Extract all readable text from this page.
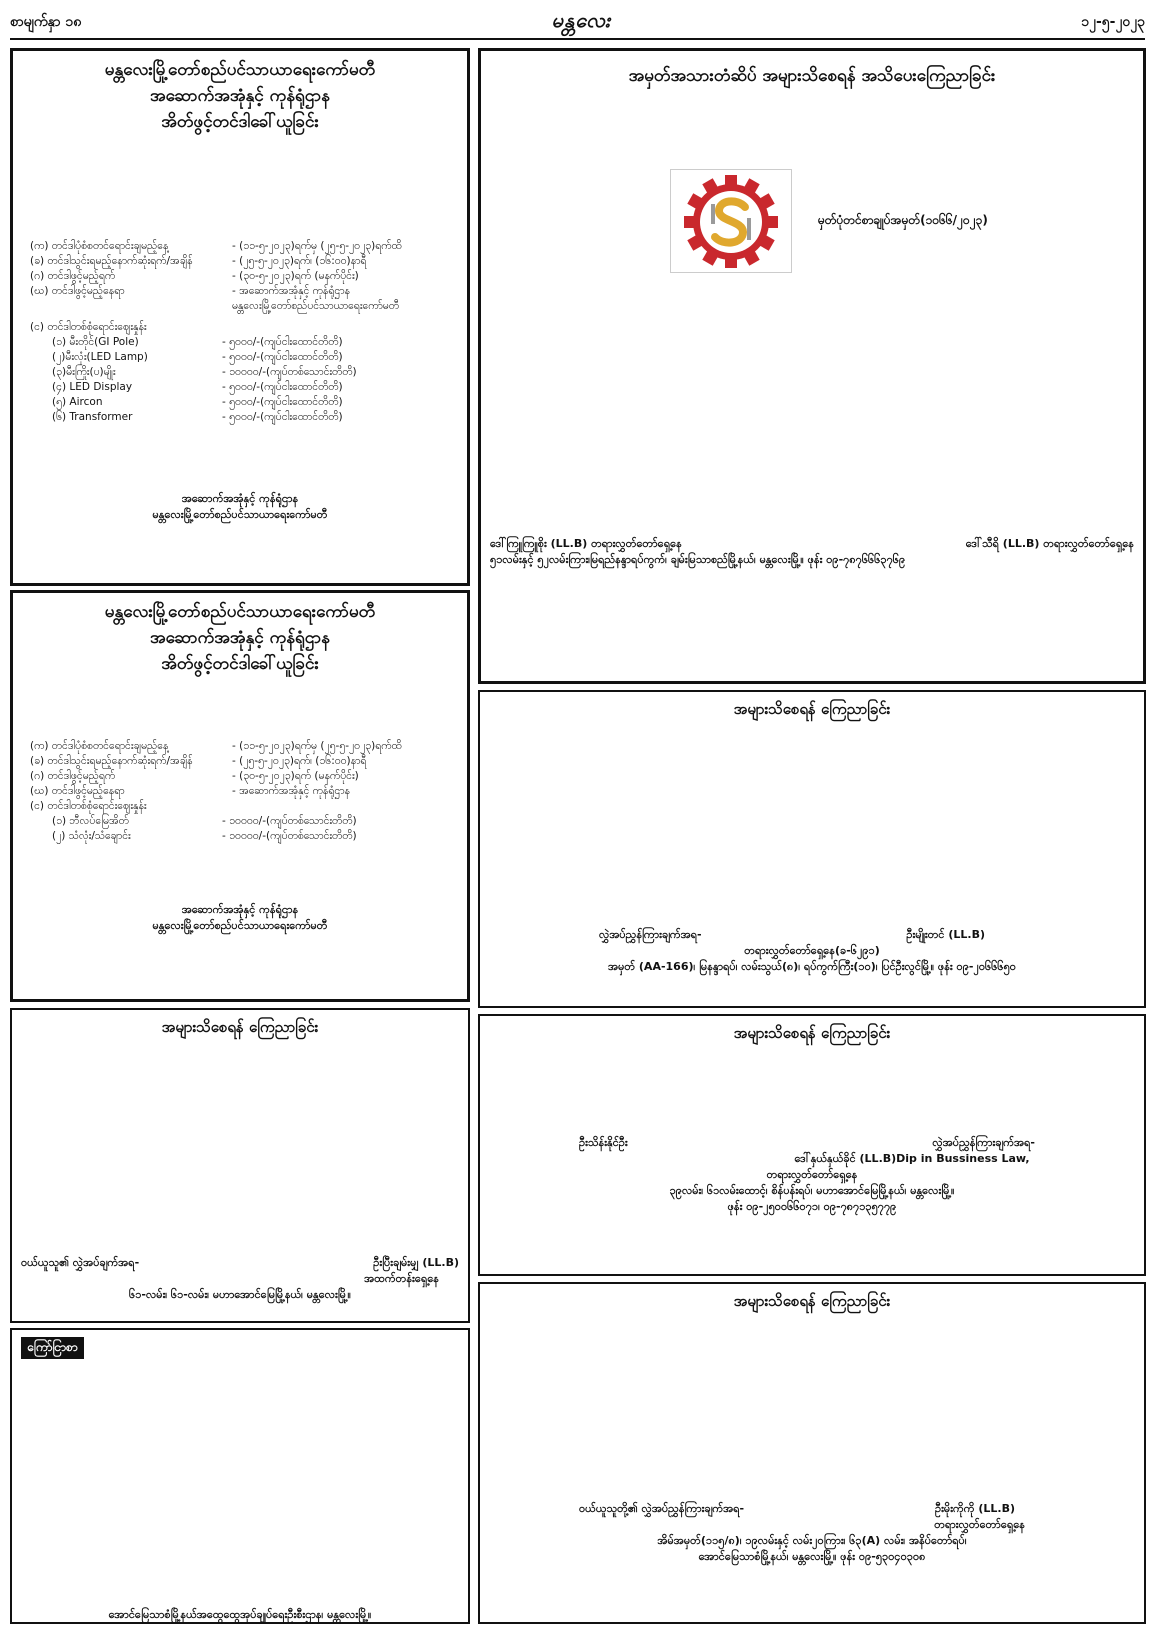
စာမျက်နှာ ၁၈	မန္တလေး	၁၂-၅-၂၀၂၃
မန္တလေးမြို့တော်စည်ပင်သာယာရေးကော်မတီ
အဆောက်အအုံနှင့် ကုန်ရုံဌာန
အိတ်ဖွင့်တင်ဒါခေါ်ယူခြင်း
(က) တင်ဒါပုံစံစတင်ရောင်းချမည့်နေ့	- (၁၁-၅-၂၀၂၃)ရက်မှ (၂၅-၅-၂၀၂၃)ရက်ထိ
(ခ) တင်ဒါသွင်းရမည့်နောက်ဆုံးရက်/အချိန်	- (၂၅-၅-၂၀၂၃)ရက်၊ (၁၆:၀၀)နာရီ
(ဂ) တင်ဒါဖွင့်မည့်ရက်	- (၃၀-၅-၂၀၂၃)ရက် (မနက်ပိုင်း)
(ဃ) တင်ဒါဖွင့်မည့်နေရာ	- အဆောက်အအုံနှင့် ကုန်ရုံဌာန
မန္တလေးမြို့တော်စည်ပင်သာယာရေးကော်မတီ
(င) တင်ဒါတစ်စုံရောင်းဈေးနှုန်း
(၁) မီးတိုင်(GI Pole)	- ၅၀၀၀/-(ကျပ်ငါးထောင်တိတိ)
(၂)မီးလုံး(LED Lamp)	- ၅၀၀၀/-(ကျပ်ငါးထောင်တိတိ)
(၃)မီးကြိုး(ပ)မျိုး	- ၁၀၀၀၀/-(ကျပ်တစ်သောင်းတိတိ)
(၄) LED Display	- ၅၀၀၀/-(ကျပ်ငါးထောင်တိတိ)
(၅) Aircon	- ၅၀၀၀/-(ကျပ်ငါးထောင်တိတိ)
(၆) Transformer	- ၅၀၀၀/-(ကျပ်ငါးထောင်တိတိ)
အဆောက်အအုံနှင့် ကုန်ရုံဌာန
မန္တလေးမြို့တော်စည်ပင်သာယာရေးကော်မတီ
မန္တလေးမြို့တော်စည်ပင်သာယာရေးကော်မတီ
အဆောက်အအုံနှင့် ကုန်ရုံဌာန
အိတ်ဖွင့်တင်ဒါခေါ်ယူခြင်း
(က) တင်ဒါပုံစံစတင်ရောင်းချမည့်နေ့	- (၁၁-၅-၂၀၂၃)ရက်မှ (၂၅-၅-၂၀၂၃)ရက်ထိ
(ခ) တင်ဒါသွင်းရမည့်နောက်ဆုံးရက်/အချိန်	- (၂၅-၅-၂၀၂၃)ရက်၊ (၁၆:၀၀)နာရီ
(ဂ) တင်ဒါဖွင့်မည့်ရက်	- (၃၀-၅-၂၀၂၃)ရက် (မနက်ပိုင်း)
(ဃ) တင်ဒါဖွင့်မည့်နေရာ	- အဆောက်အအုံနှင့် ကုန်ရုံဌာန
(င) တင်ဒါတစ်စုံရောင်းဈေးနှုန်း
(၁) ဘီလပ်မြေအိတ်	- ၁၀၀၀၀/-(ကျပ်တစ်သောင်းတိတိ)
(၂) သံလုံး/သံချောင်း	- ၁၀၀၀၀/-(ကျပ်တစ်သောင်းတိတိ)
အဆောက်အအုံနှင့် ကုန်ရုံဌာန
မန္တလေးမြို့တော်စည်ပင်သာယာရေးကော်မတီ
အများသိစေရန် ကြေညာခြင်း
ဝယ်ယူသူ၏ လွှဲအပ်ချက်အရ-	ဦးပြီးချမ်းမျှ (LL.B)
အထက်တန်းရှေ့နေ
၆၁-လမ်း၊ ၆၁-လမ်း၊ မဟာအောင်မြေမြို့နယ်၊ မန္တလေးမြို့။
ကြော်ငြာစာ
အောင်မြေသာစံမြို့နယ်အထွေထွေအုပ်ချုပ်ရေးဦးစီးဌာန၊ မန္တလေးမြို့။
အမှတ်အသားတံဆိပ် အများသိစေရန် အသိပေးကြေညာခြင်း
မှတ်ပုံတင်စာချုပ်အမှတ်(၁၀၆၆/၂၀၂၃)
ဒေါ်ကြူကြူစိုး (LL.B) တရားလွှတ်တော်ရှေ့နေ	ဒေါ်သီရိ (LL.B) တရားလွှတ်တော်ရှေ့နေ
၅၁လမ်းနှင့် ၅၂လမ်းကြား၊မြရည်နန္ဒာရပ်ကွက်၊ ချမ်းမြသာစည်မြို့နယ်၊ မန္တလေးမြို့။ ဖုန်း ၀၉-၇၈၇၆၆၆၃၇၆၉
အများသိစေရန် ကြေညာခြင်း
လွှဲအပ်ညွှန်ကြားချက်အရ-	ဦးမျိုးတင် (LL.B)
တရားလွှတ်တော်ရှေ့နေ(ခ-၆၂၉၁)
အမှတ် (AA-166)၊ မြနန္ဒာရပ်၊ လမ်းသွယ်(၈)၊ ရပ်ကွက်ကြီး(၁၀)၊ ပြင်ဦးလွင်မြို့။ ဖုန်း ၀၉-၂၀၆၆၆၅၀
အများသိစေရန် ကြေညာခြင်း
ဦးသိန်းနိုင်ဦး	လွှဲအပ်ညွှန်ကြားချက်အရ-
ဒေါ်နှယ်နှယ်ခိုင် (LL.B)Dip in Bussiness Law,
တရားလွှတ်တော်ရှေ့နေ
၃၉လမ်း၊ ၆၁လမ်းထောင့်၊ စိန်ပန်းရပ်၊ မဟာအောင်မြေမြို့နယ်၊ မန္တလေးမြို့။
ဖုန်း ၀၉-၂၅၀၀၆၆၀၇၁၊ ၀၉-၇၈၇၁၃၅၇၇၉
အများသိစေရန် ကြေညာခြင်း
ဝယ်ယူသူတို့၏ လွှဲအပ်ညွှန်ကြားချက်အရ-	ဦးမိုးကိုကို (LL.B)
တရားလွှတ်တော်ရှေ့နေ
အိမ်အမှတ်(၁၁၅/၈)၊ ၁၉လမ်းနှင့် လမ်း၂၀ကြား၊ ၆၃(A) လမ်း၊ အနိပ်တော်ရပ်၊
အောင်မြေသာစံမြို့နယ်၊ မန္တလေးမြို့။ ဖုန်း ၀၉-၅၃၀၄၀၃၀၈
